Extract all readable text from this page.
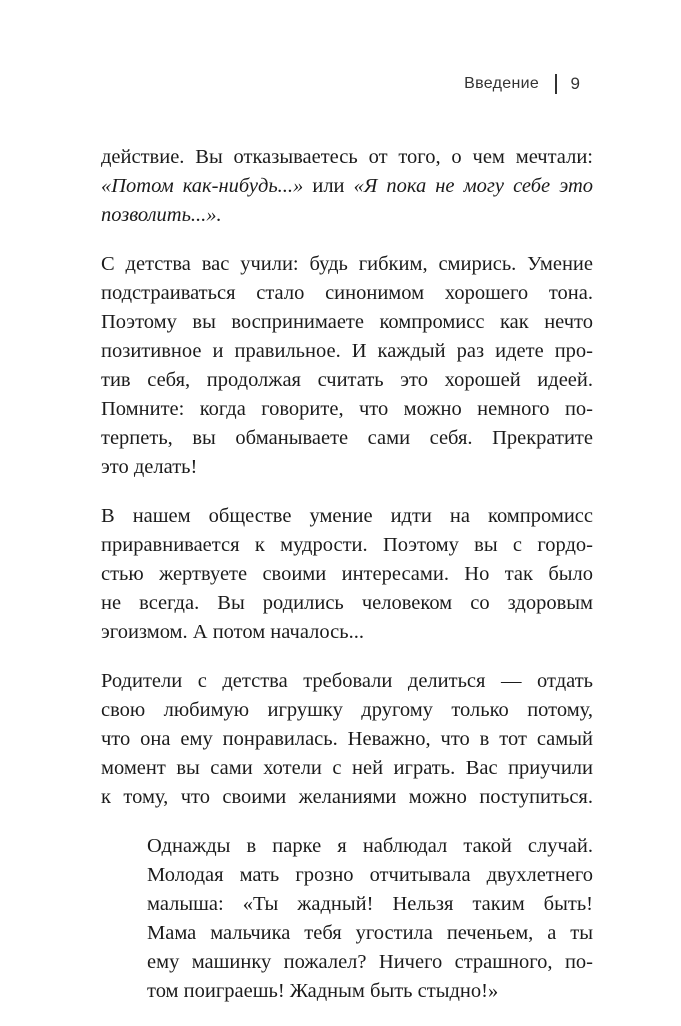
Введение 9

действие. Вы отказываетесь от того, о чем мечтали:
«Потом как-нибудь...» или «Я пока не могу себе это
позволить...».

С детства вас учили: будь гибким, смирись. Умение
подстраиваться стало синонимом хорошего тона.
Поэтому вы воспринимаете компромисс как нечто
позитивное и правильное. И каждый раз идете про-
тив себя, продолжая считать это хорошей идеей.
Помните: когда говорите, что можно немного по-
терпеть, вы обманываете сами себя. Прекратите
это делать!

В нашем обществе умение идти на компромисс
приравнивается к мудрости. Поэтому вы с гордо-
стью жертвуете своими интересами. Но так было
не всегда. Вы родились человеком со здоровым
эгоизмом. А потом началось...

Родители с детства требовали делиться — отдать
свою любимую игрушку другому только потому,
что она ему понравилась. Неважно, что в тот самый
момент вы сами хотели с ней играть. Вас приучили
к тому, что своими желаниями можно поступиться.

Однажды в парке я наблюдал такой случай.
Молодая мать грозно отчитывала двухлетнего
малыша: «Ты жадный! Нельзя таким быть!
Мама мальчика тебя угостила печеньем, а ты
ему машинку пожалел? Ничего страшного, по-
том поиграешь! Жадным быть стыдно!»
